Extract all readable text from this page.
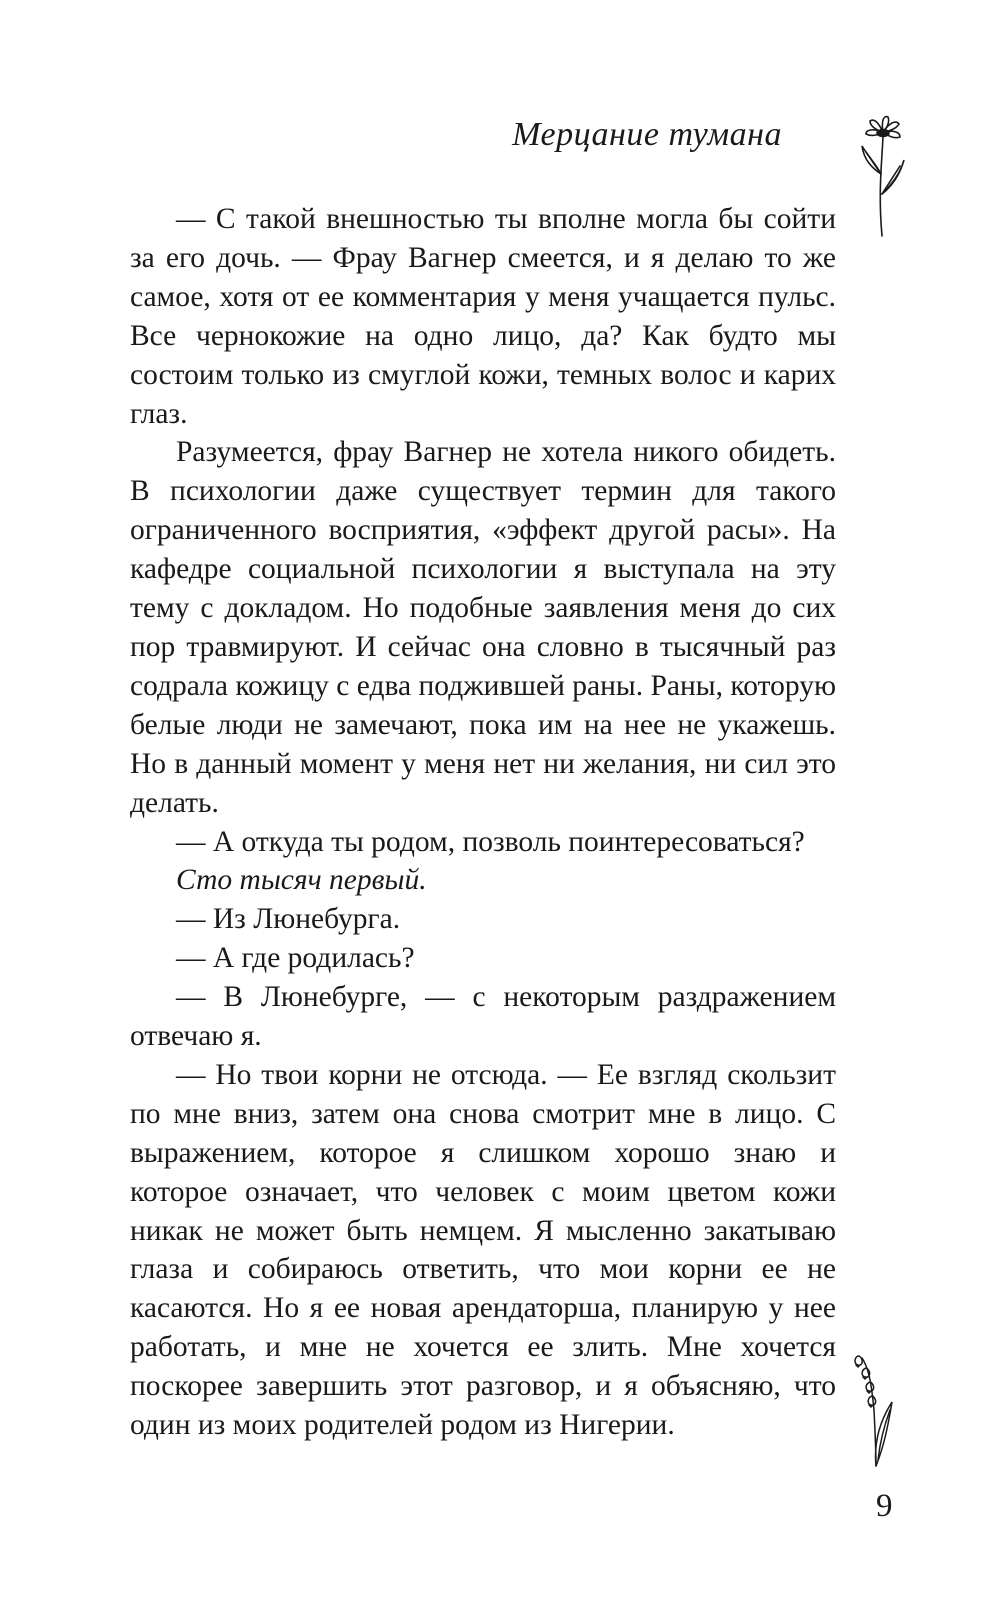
Мерцание тумана

— С такой внешностью ты вполне могла бы сойти за его дочь. — Фрау Вагнер смеется, и я делаю то же самое, хотя от ее комментария у меня учащается пульс. Все чернокожие на одно лицо, да? Как будто мы состоим только из смуглой кожи, темных волос и карих глаз.

Разумеется, фрау Вагнер не хотела никого обидеть. В психологии даже существует термин для такого ограниченного восприятия, «эффект другой расы». На кафедре социальной психологии я выступала на эту тему с докладом. Но подобные заявления меня до сих пор травмируют. И сейчас она словно в тысячный раз содрала кожицу с едва поджившей раны. Раны, которую белые люди не замечают, пока им на нее не укажешь. Но в данный момент у меня нет ни желания, ни сил это делать.

— А откуда ты родом, позволь поинтересоваться?

Сто тысяч первый.

— Из Люнебурга.

— А где родилась?

— В Люнебурге, — с некоторым раздражением отвечаю я.

— Но твои корни не отсюда. — Ее взгляд скользит по мне вниз, затем она снова смотрит мне в лицо. С выражением, которое я слишком хорошо знаю и которое означает, что человек с моим цветом кожи никак не может быть немцем. Я мысленно закатываю глаза и собираюсь ответить, что мои корни ее не касаются. Но я ее новая арендаторша, планирую у нее работать, и мне не хочется ее злить. Мне хочется поскорее завершить этот разговор, и я объясняю, что один из моих родителей родом из Нигерии.

9
